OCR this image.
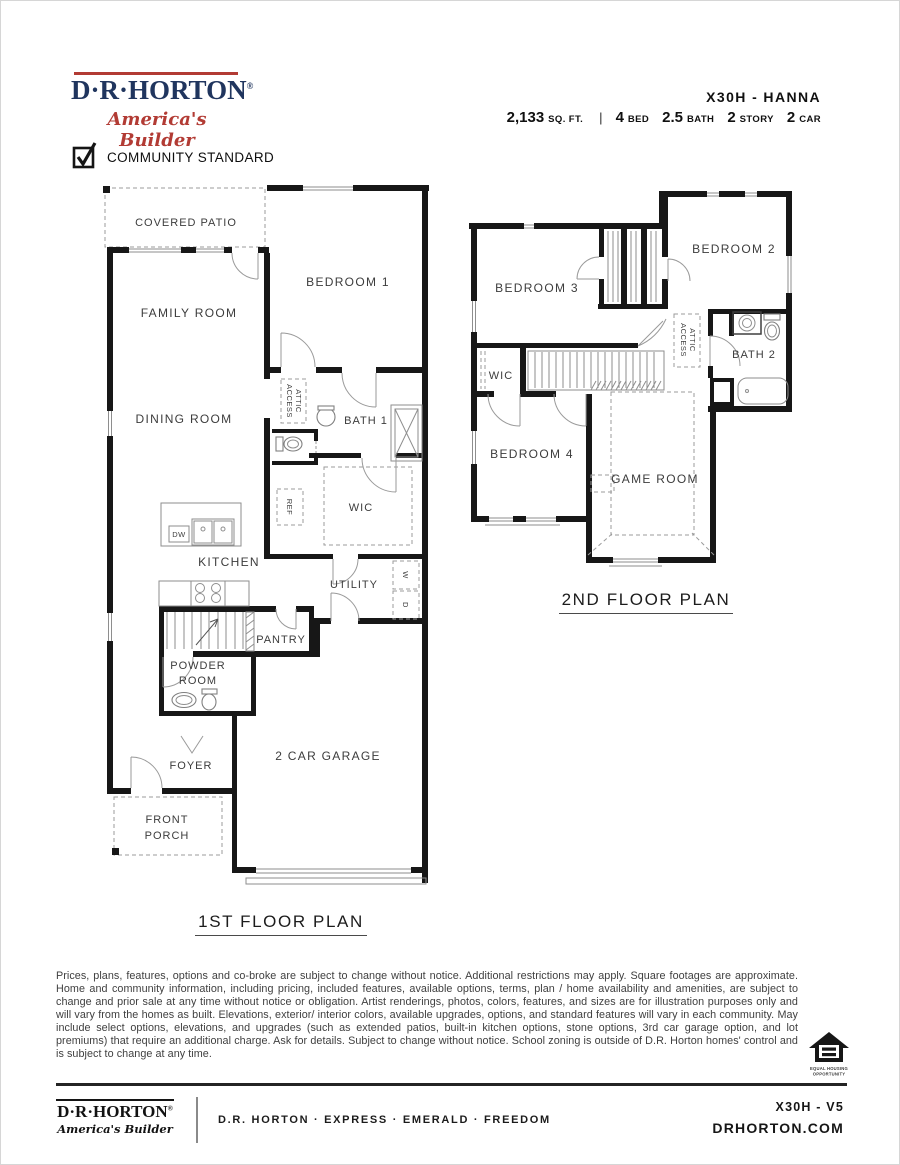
D·R·HORTON®
America's Builder
COMMUNITY STANDARD
X30H - HANNA
2,133 SQ. FT. | 4 BED 2.5 BATH 2 STORY 2 CAR
COVERED PATIO
FAMILY ROOM
BEDROOM 1
DINING ROOM
ATTIC
ACCESS
BATH 1
WIC
REF
DW
KITCHEN
UTILITY
W
D
PANTRY
POWDER
ROOM
FOYER
FRONT
PORCH
2 CAR GARAGE
1ST FLOOR PLAN
BEDROOM 3
BEDROOM 2
ATTIC
ACCESS	BATH 2
WIC
BEDROOM 4
GAME ROOM
2ND FLOOR PLAN
Prices, plans, features, options and co-broke are subject to change without notice. Additional restrictions may apply. Square footages are approximate. Home and community information, including pricing, included features, available options, terms, plan / home availability and amenities, are subject to change and prior sale at any time without notice or obligation. Artist renderings, photos, colors, features, and sizes are for illustration purposes only and will vary from the homes as built. Elevations, exterior/ interior colors, available upgrades, options, and standard features will vary in each community. May include select options, elevations, and upgrades (such as extended patios, built-in kitchen options, stone options, 3rd car garage option, and lot premiums) that require an additional charge. Ask for details. Subject to change without notice. School zoning is outside of D.R. Horton homes' control and is subject to change at any time.
EQUAL HOUSING
OPPORTUNITY
D·R·HORTON®
America's Builder
D.R. HORTON · EXPRESS · EMERALD · FREEDOM
X30H - V5
DRHORTON.COM
